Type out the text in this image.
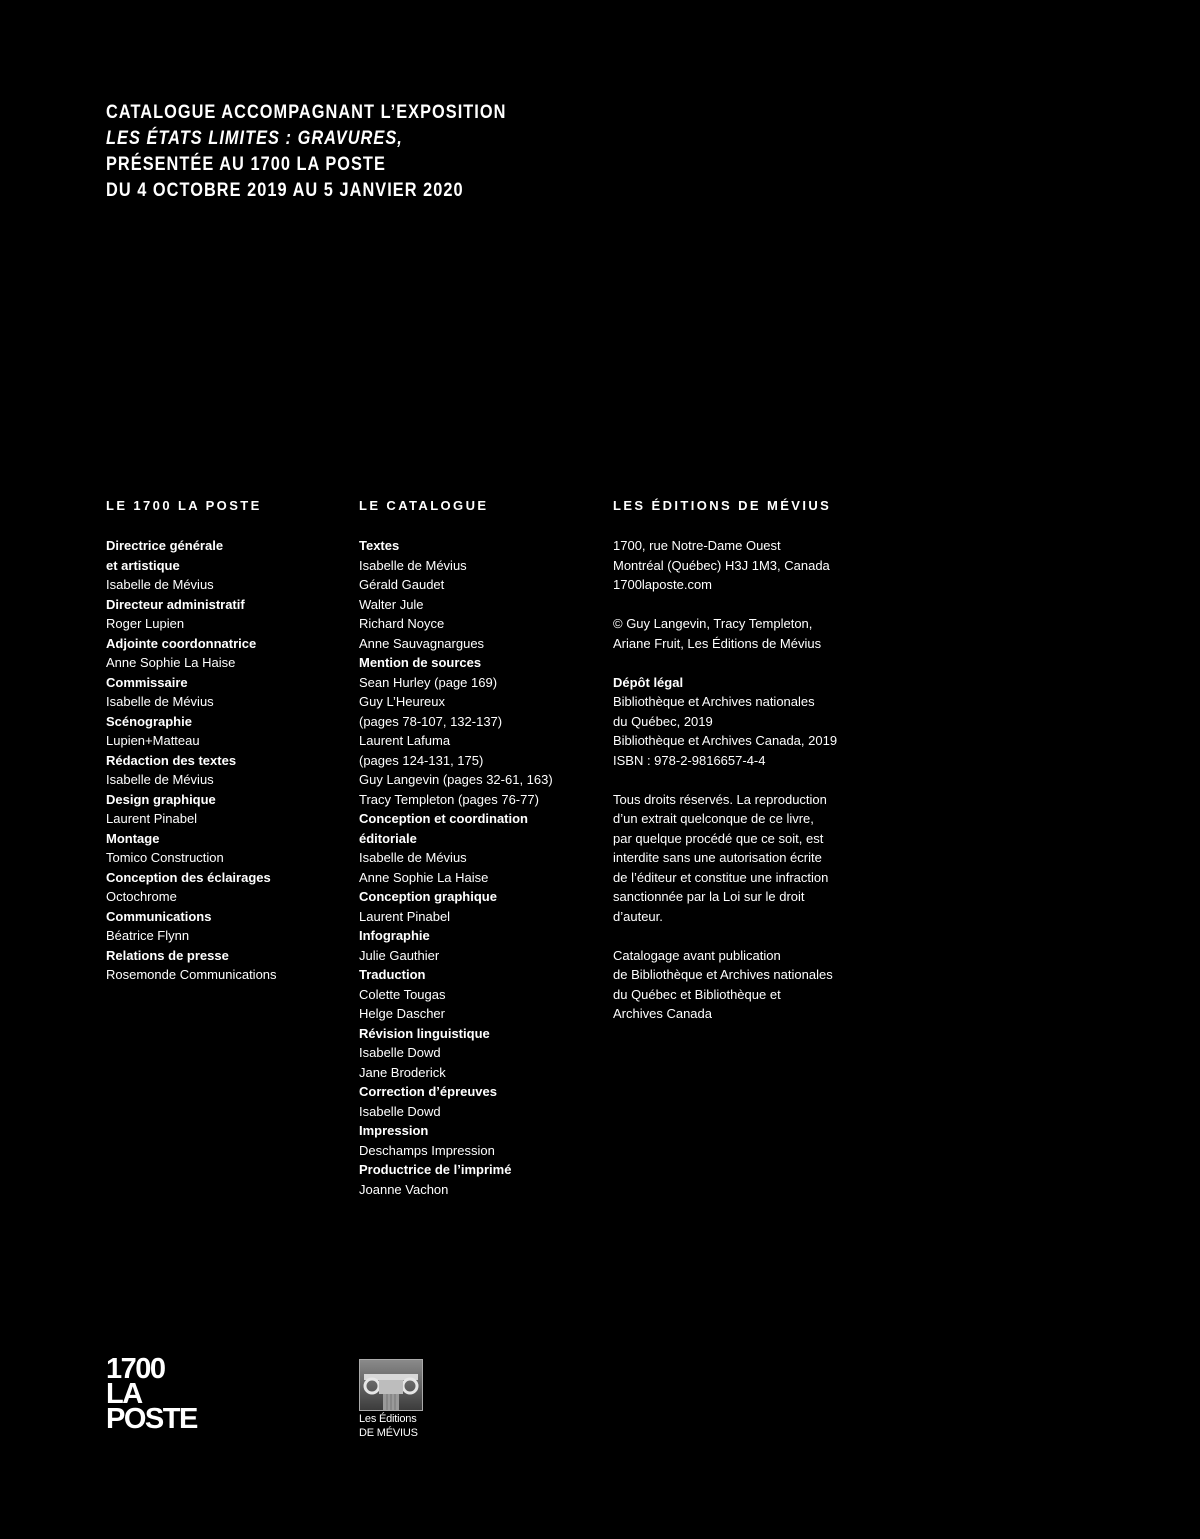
CATALOGUE ACCOMPAGNANT L’EXPOSITION
LES ÉTATS LIMITES : GRAVURES,
PRÉSENTÉE AU 1700 LA POSTE
DU 4 OCTOBRE 2019 AU 5 JANVIER 2020
LE 1700 LA POSTE
Directrice générale
et artistique
Isabelle de Mévius
Directeur administratif
Roger Lupien
Adjointe coordonnatrice
Anne Sophie La Haise
Commissaire
Isabelle de Mévius
Scénographie
Lupien+Matteau
Rédaction des textes
Isabelle de Mévius
Design graphique
Laurent Pinabel
Montage
Tomico Construction
Conception des éclairages
Octochrome
Communications
Béatrice Flynn
Relations de presse
Rosemonde Communications
LE CATALOGUE
Textes
Isabelle de Mévius
Gérald Gaudet
Walter Jule
Richard Noyce
Anne Sauvagnargues
Mention de sources
Sean Hurley (page 169)
Guy L’Heureux
(pages 78-107, 132-137)
Laurent Lafuma
(pages 124-131, 175)
Guy Langevin (pages 32-61, 163)
Tracy Templeton (pages 76-77)
Conception et coordination
éditoriale
Isabelle de Mévius
Anne Sophie La Haise
Conception graphique
Laurent Pinabel
Infographie
Julie Gauthier
Traduction
Colette Tougas
Helge Dascher
Révision linguistique
Isabelle Dowd
Jane Broderick
Correction d’épreuves
Isabelle Dowd
Impression
Deschamps Impression
Productrice de l’imprimé
Joanne Vachon
LES ÉDITIONS DE MÉVIUS
1700, rue Notre-Dame Ouest
Montréal (Québec) H3J 1M3, Canada
1700laposte.com
© Guy Langevin, Tracy Templeton,
Ariane Fruit, Les Éditions de Mévius
Dépôt légal
Bibliothèque et Archives nationales
du Québec, 2019
Bibliothèque et Archives Canada, 2019
ISBN : 978-2-9816657-4-4
Tous droits réservés. La reproduction
d’un extrait quelconque de ce livre,
par quelque procédé que ce soit, est
interdite sans une autorisation écrite
de l’éditeur et constitue une infraction
sanctionnée par la Loi sur le droit
d’auteur.
Catalogage avant publication
de Bibliothèque et Archives nationales
du Québec et Bibliothèque et
Archives Canada
1700
LA
POSTE	Les Éditions
DE MÉVIUS
